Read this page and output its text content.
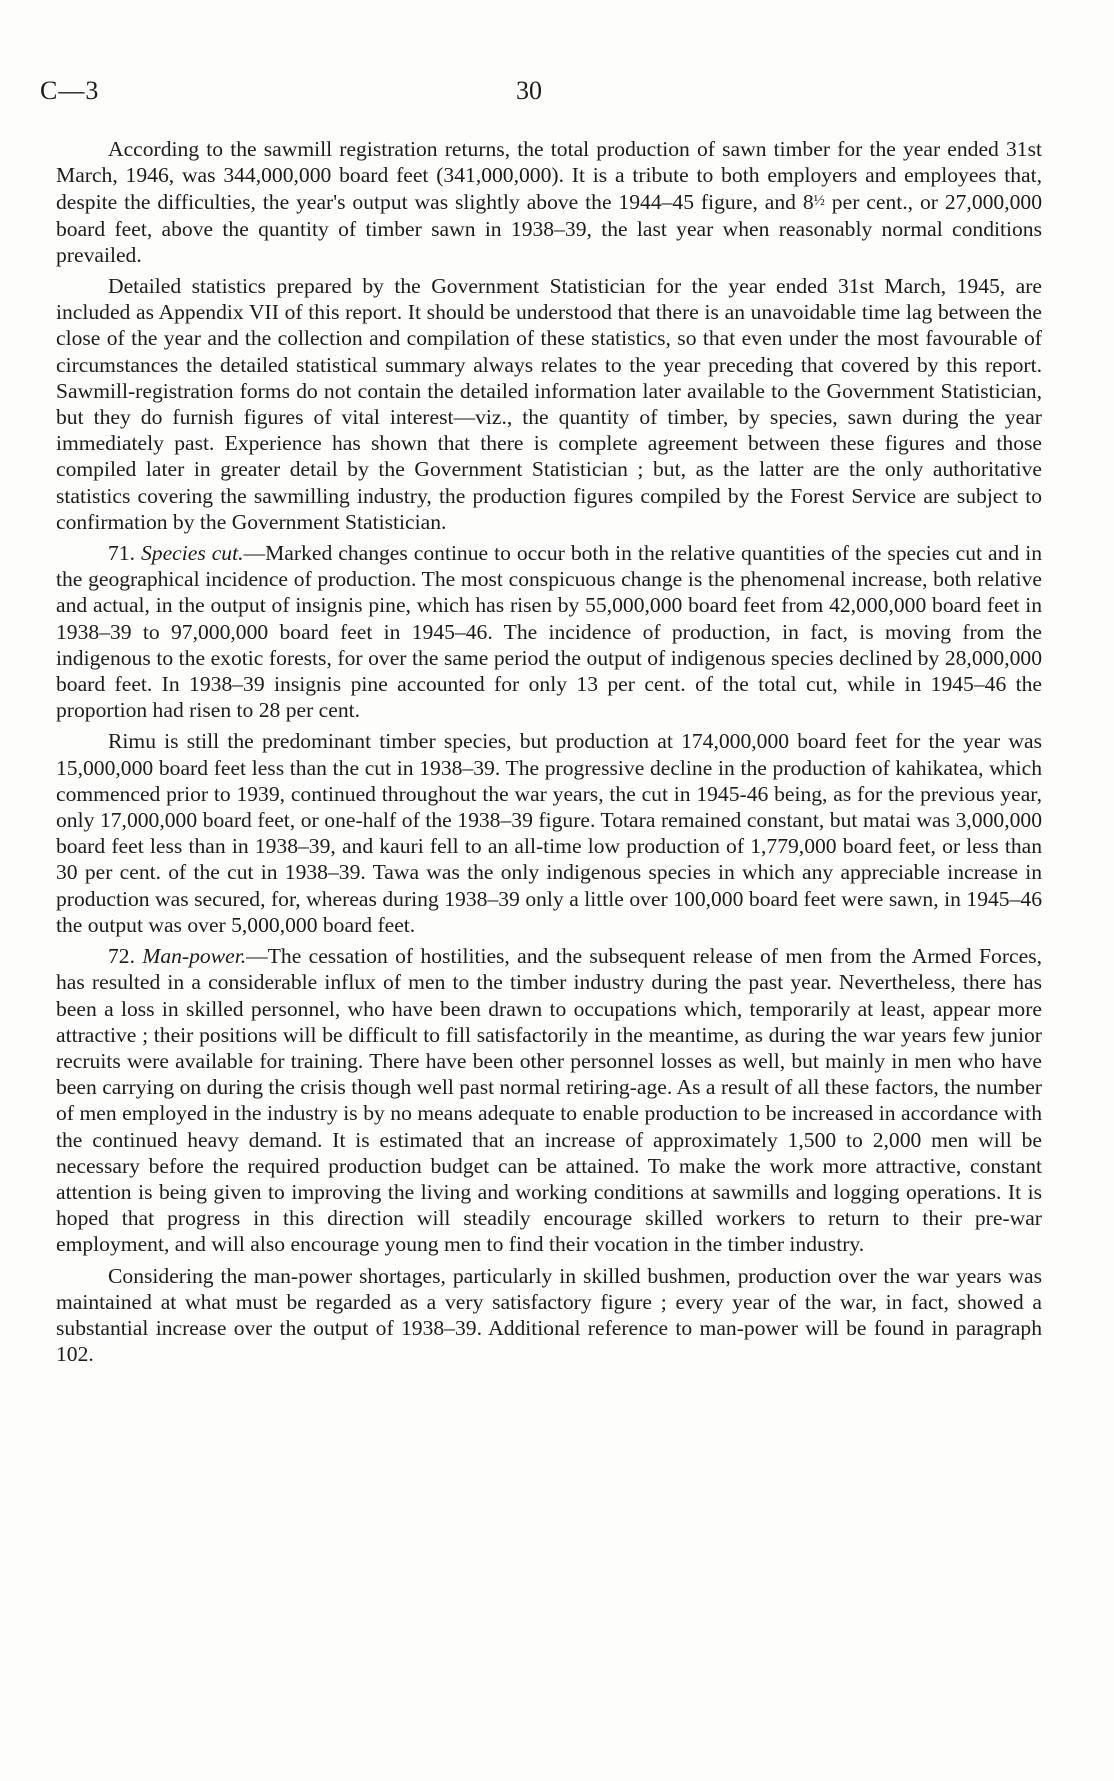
C—3	30

According to the sawmill registration returns, the total production of sawn timber for the year ended 31st March, 1946, was 344,000,000 board feet (341,000,000). It is a tribute to both employers and employees that, despite the difficulties, the year's output was slightly above the 1944–45 figure, and 8½ per cent., or 27,000,000 board feet, above the quantity of timber sawn in 1938–39, the last year when reasonably normal conditions prevailed.

Detailed statistics prepared by the Government Statistician for the year ended 31st March, 1945, are included as Appendix VII of this report. It should be understood that there is an unavoidable time lag between the close of the year and the collection and compilation of these statistics, so that even under the most favourable of circumstances the detailed statistical summary always relates to the year preceding that covered by this report. Sawmill-registration forms do not contain the detailed information later available to the Government Statistician, but they do furnish figures of vital interest—viz., the quantity of timber, by species, sawn during the year immediately past. Experience has shown that there is complete agreement between these figures and those compiled later in greater detail by the Government Statistician ; but, as the latter are the only authoritative statistics covering the sawmilling industry, the production figures compiled by the Forest Service are subject to confirmation by the Government Statistician.

71. Species cut.—Marked changes continue to occur both in the relative quantities of the species cut and in the geographical incidence of production. The most conspicuous change is the phenomenal increase, both relative and actual, in the output of insignis pine, which has risen by 55,000,000 board feet from 42,000,000 board feet in 1938–39 to 97,000,000 board feet in 1945–46. The incidence of production, in fact, is moving from the indigenous to the exotic forests, for over the same period the output of indigenous species declined by 28,000,000 board feet. In 1938–39 insignis pine accounted for only 13 per cent. of the total cut, while in 1945–46 the proportion had risen to 28 per cent.

Rimu is still the predominant timber species, but production at 174,000,000 board feet for the year was 15,000,000 board feet less than the cut in 1938–39. The progressive decline in the production of kahikatea, which commenced prior to 1939, continued throughout the war years, the cut in 1945-46 being, as for the previous year, only 17,000,000 board feet, or one-half of the 1938–39 figure. Totara remained constant, but matai was 3,000,000 board feet less than in 1938–39, and kauri fell to an all-time low production of 1,779,000 board feet, or less than 30 per cent. of the cut in 1938–39. Tawa was the only indigenous species in which any appreciable increase in production was secured, for, whereas during 1938–39 only a little over 100,000 board feet were sawn, in 1945–46 the output was over 5,000,000 board feet.

72. Man-power.—The cessation of hostilities, and the subsequent release of men from the Armed Forces, has resulted in a considerable influx of men to the timber industry during the past year. Nevertheless, there has been a loss in skilled personnel, who have been drawn to occupations which, temporarily at least, appear more attractive ; their positions will be difficult to fill satisfactorily in the meantime, as during the war years few junior recruits were available for training. There have been other personnel losses as well, but mainly in men who have been carrying on during the crisis though well past normal retiring-age. As a result of all these factors, the number of men employed in the industry is by no means adequate to enable production to be increased in accordance with the continued heavy demand. It is estimated that an increase of approximately 1,500 to 2,000 men will be necessary before the required production budget can be attained. To make the work more attractive, constant attention is being given to improving the living and working conditions at sawmills and logging operations. It is hoped that progress in this direction will steadily encourage skilled workers to return to their pre-war employment, and will also encourage young men to find their vocation in the timber industry.

Considering the man-power shortages, particularly in skilled bushmen, production over the war years was maintained at what must be regarded as a very satisfactory figure ; every year of the war, in fact, showed a substantial increase over the output of 1938–39. Additional reference to man-power will be found in paragraph 102.
